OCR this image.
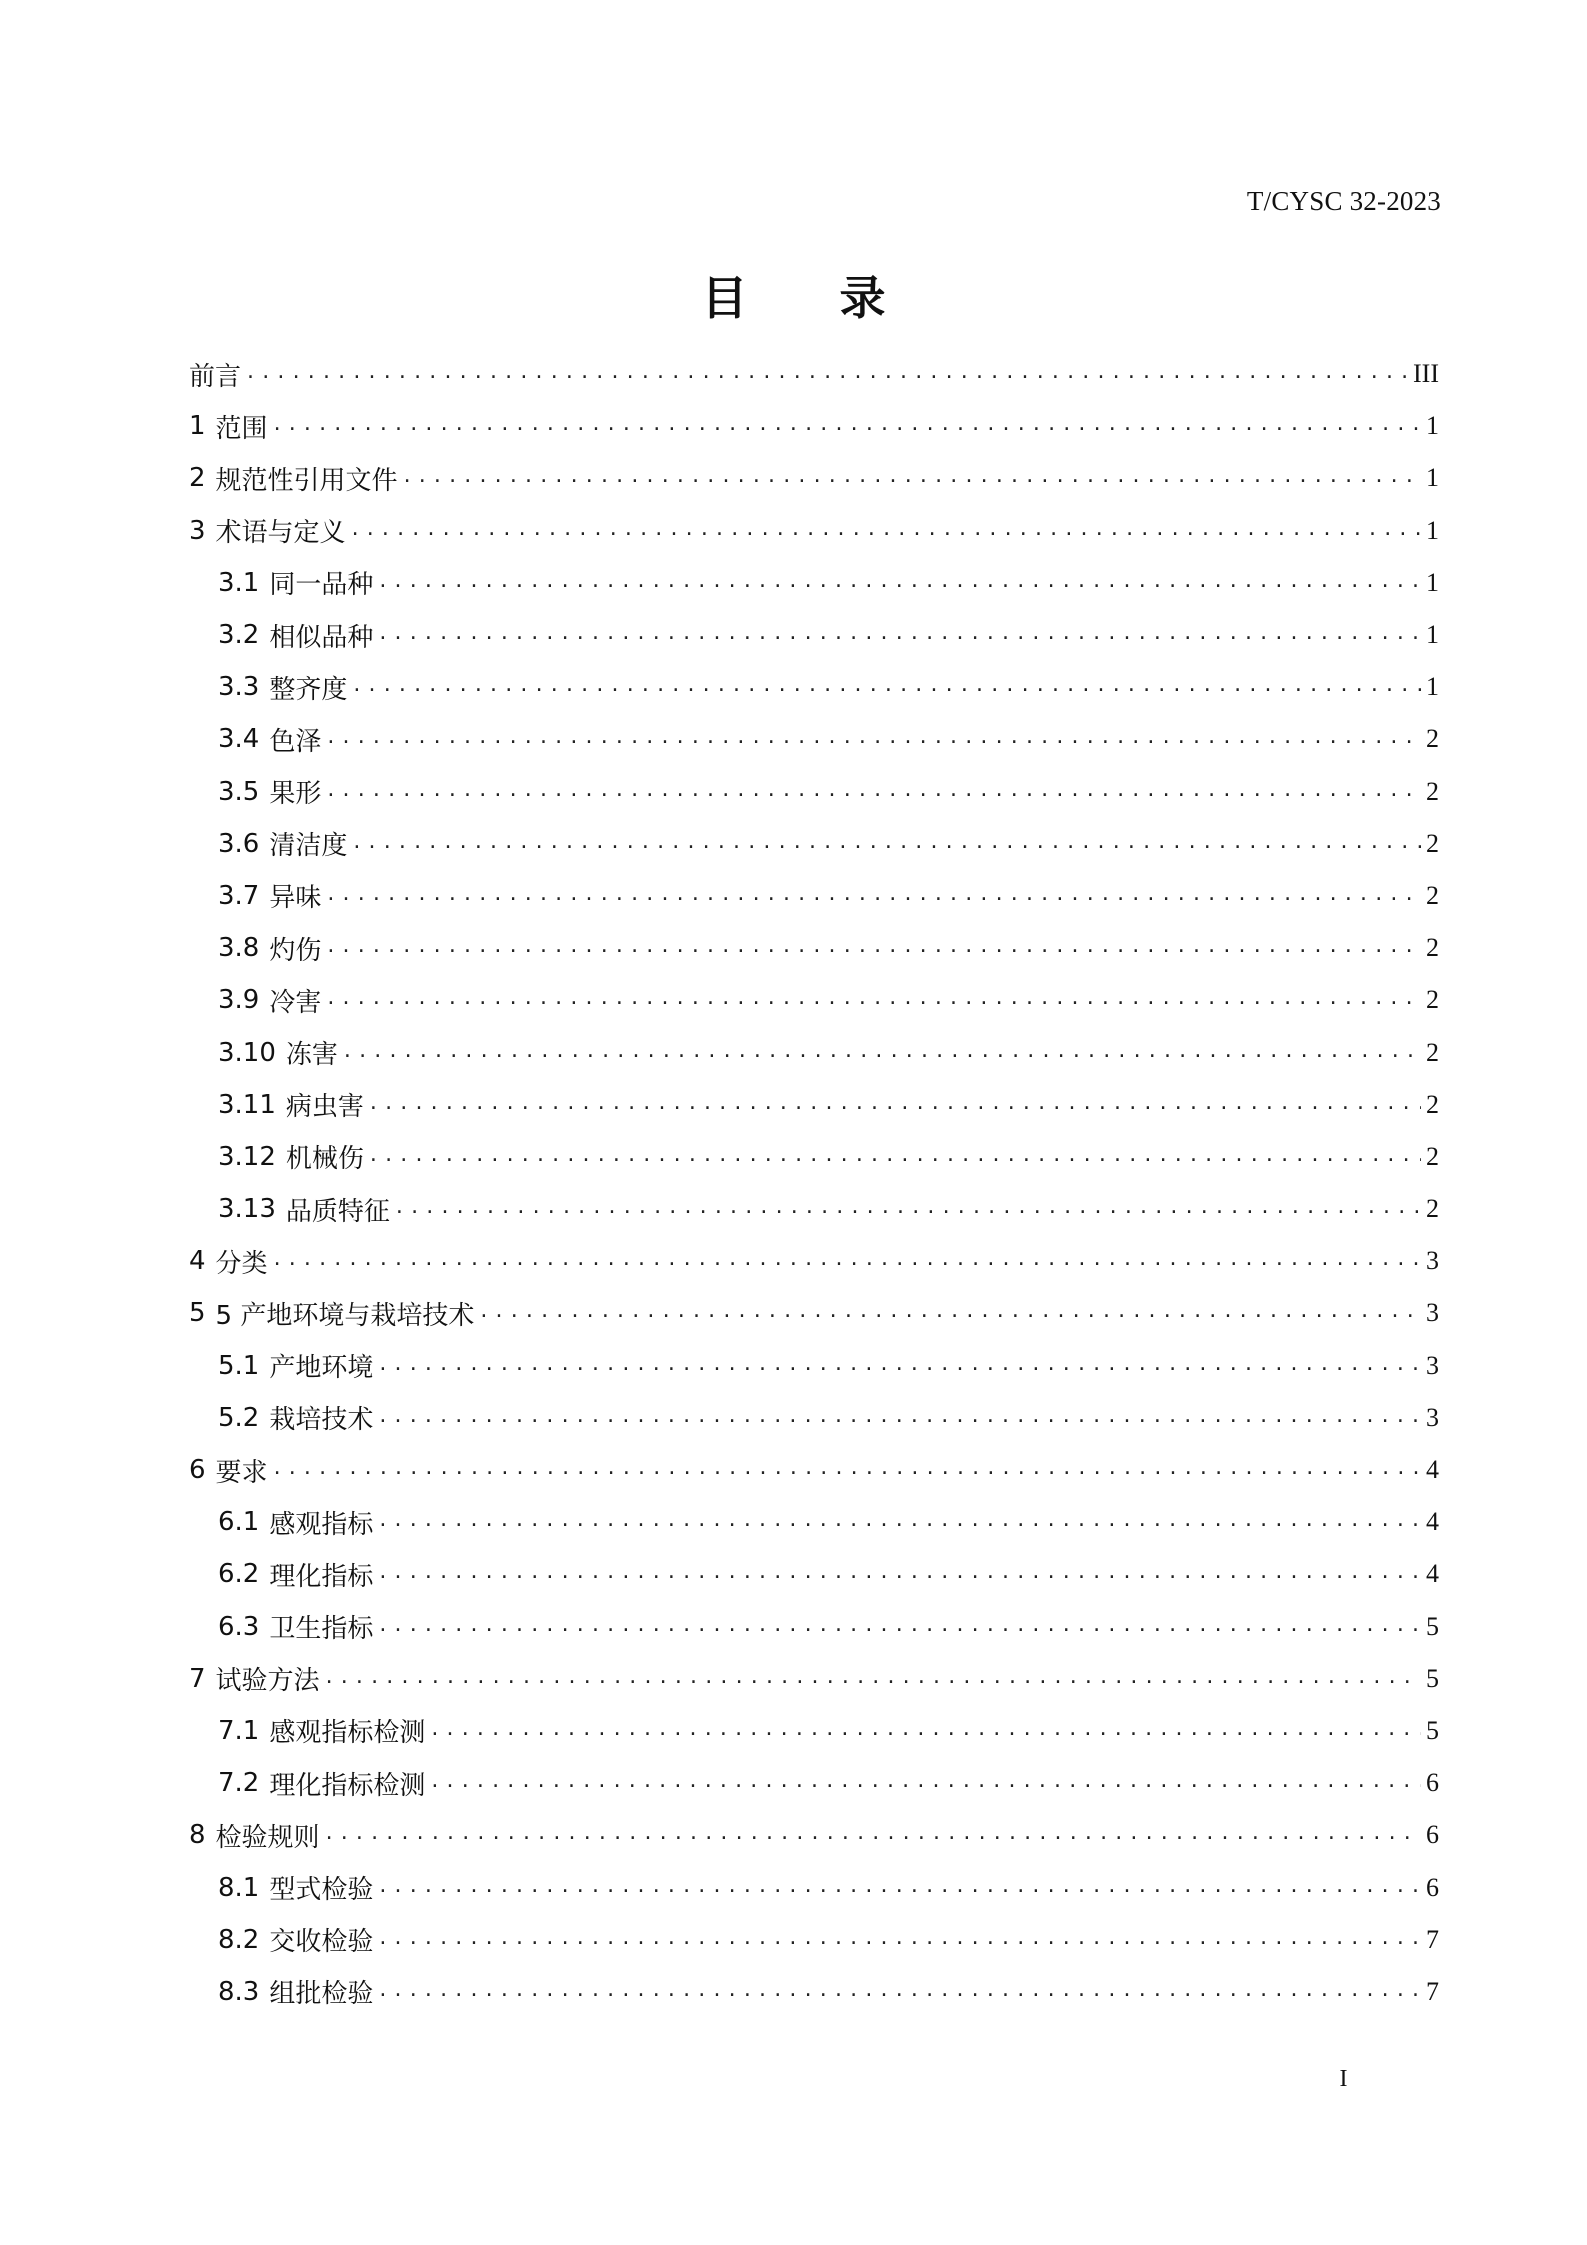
T/CYSC 32-2023
目 录
前言 . . .	III
1 范围 . . .	1
2 规范性引用文件 . . .	1
3 术语与定义 . . .	1
3.1 同一品种 . . .	1
3.2 相似品种 . . .	1
3.3 整齐度 . . .	1
3.4 色泽 . . .	2
3.5 果形 . . .	2
3.6 清洁度 . . .	2
3.7 异味 . . .	2
3.8 灼伤 . . .	2
3.9 冷害 . . .	2
3.10 冻害 . . .	2
3.11 病虫害 . . .	2
3.12 机械伤 . . .	2
3.13 品质特征 . . .	2
4 分类 . . .	3
5 5 产地环境与栽培技术 . . .	3
5.1 产地环境 . . .	3
5.2 栽培技术 . . .	3
6 要求 . . .	4
6.1 感观指标 . . .	4
6.2 理化指标 . . .	4
6.3 卫生指标 . . .	5
7 试验方法 . . .	5
7.1 感观指标检测 . . .	5
7.2 理化指标检测 . . .	6
8 检验规则 . . .	6
8.1 型式检验 . . .	6
8.2 交收检验 . . .	7
8.3 组批检验 . . .	7
I
